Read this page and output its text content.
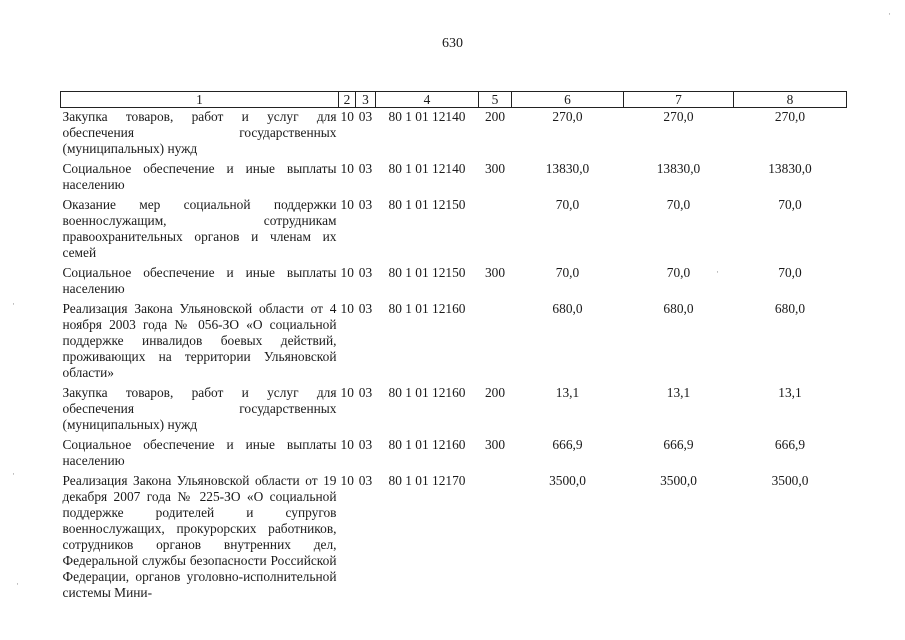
630
1	2	3	4	5	6	7	8
Закупка товаров, работ и услуг для обеспечения государственных (муниципальных) нужд	10	03	80 1 01 12140	200	270,0	270,0	270,0
Социальное обеспечение и иные выплаты населению	10	03	80 1 01 12140	300	13830,0	13830,0	13830,0
Оказание мер социальной поддержки военнослужащим, сотрудникам правоохранительных органов и членам их семей	10	03	80 1 01 12150		70,0	70,0	70,0
Социальное обеспечение и иные выплаты населению	10	03	80 1 01 12150	300	70,0	70,0	70,0
Реализация Закона Ульяновской области от 4 ноября 2003 года № 056-ЗО «О социальной поддержке инвалидов боевых действий, проживающих на территории Ульяновской области»	10	03	80 1 01 12160		680,0	680,0	680,0
Закупка товаров, работ и услуг для обеспечения государственных (муниципальных) нужд	10	03	80 1 01 12160	200	13,1	13,1	13,1
Социальное обеспечение и иные выплаты населению	10	03	80 1 01 12160	300	666,9	666,9	666,9
Реализация Закона Ульяновской области от 19 декабря 2007 года № 225-ЗО «О социальной поддержке родителей и супругов военнослужащих, прокурорских работников, сотрудников органов внутренних дел, Федеральной службы безопасности Российской Федерации, органов уголовно-исполнительной системы Мини-	10	03	80 1 01 12170		3500,0	3500,0	3500,0
·
·
·
·
·
